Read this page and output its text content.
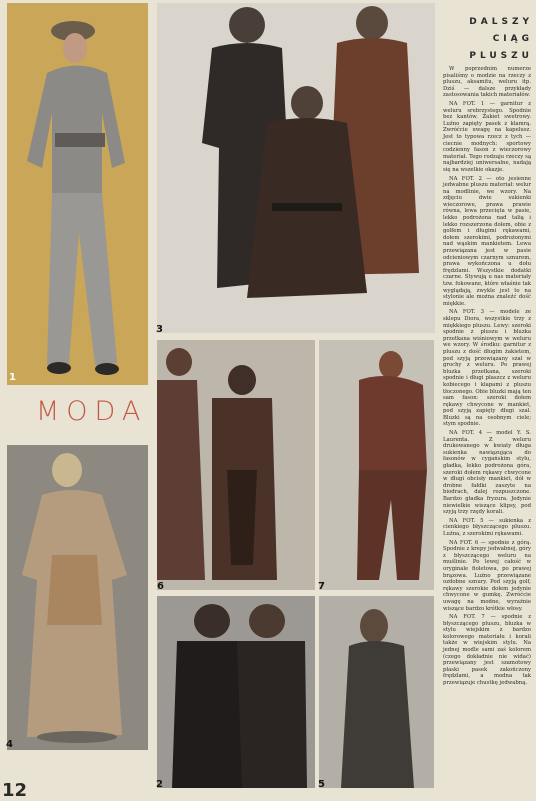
1
3
DALSZY
CIĄG
PLUSZU

W poprzednim numerze pisaliśmy o modzie na rzeczy z pluszu, aksamitu, weluru itp. Dziś — dalsze przykłady zastosowania takich materiałów.

NA FOT. 1 — garnitur z weluru srebrzystego. Spodnie bez kantów. Żakiet swetrowy. Luźno zapięty pasek z klamrą. Zwróćcie uwagę na kapelusz. Jest to typowa rzecz z tych — ciecnie modnych: sportowy codzienny fason z wieczorowy materiał. Tego rodzaju rzeczy są najbardziej uniwersalne, nadają się na wszelkie okazje.

NA FOT. 2 — oto jesienne jedwabne pluszu materiał: welur na modlinie, we wzory. Na zdjęciu dwie sukienki wieczorowe, prawa prawie równa, lewa przecięta w pasie, lekko podrożona nad talią i lekko rozszerzona dołem, obie z golfem i długimi rękawami, dołem szerokimi, podrożonymi nad wąskim mankietem. Lewa przewiązana jest w pasie odcieniowym czarnym sznurem, prawa wykończona u dołu frędzlami. Wszystkie dodatki czarne. Stywują u nas materiały tzw. fokowane, które właśnie tak wyglądają, zwykle jest to na stylonie ale można znaleźć dość miękkie.

NA FOT. 3 — modele ze sklepu Diora, wszystkie trzy z miękkiego pluszu. Lewy: szeroki spodnie z pluszu i bluzka przetkana wiśniowym w weluru we wzory. W środku: garnitur z pluszu z dość długim żakietem, pod szyją przewiązany szal w grochy z weluru. Po prawej bluzka przetkana, szeroki spodnie i długi płaszcz z weluru kobiecego i klapami z pluszu tłoczonego. Obie bluzki mają ten sam fason: szeroki dołem rękawy chwycone w mankiet, pod szyją zapięty długi szal. Bluzki są na osobnym ciele; stym spodnie.

NA FOT. 4 — model Y. S. Laurenta. Z weluru drukowanego w kwiaty długa sukienka nawiązująca do fasonów w cygańskim stylu, gładka, lekko podrożona góra, szeroki dołem rękawy chwycone w długi obcisły mankiet, dół w drobne fałdki zaszyte na biodrach, dalej rozpuszczone. Bardzo gładka fryzura. Jedynie niewielkie wiszące klipsy, pod szyją trzy rzędy korali.

NA FOT. 5 — sukienka z cienkiego błyszczącego pluszu. Luźna, z szerokimi rękawami.

NA FOT. 6 — spodnie z górą. Spodnie z krepy jedwabnej, góry z błyszczącego weluru na muślinie. Po lewej całość w oryginale fioletowa, po prawej brązowa. Luźno przewiązane ozdobne sznury. Pod szyją golf, rękawy szerokie dołem jedynie chwycone w gumkę. Zwróćcie uwagę na modne, wyraźnie wiszące bardzo krótkie włosy.

NA FOT. 7 — spodnie z błyszczącego pluszu, bluzka w stylu wiejskim z bardzo kolorowego materiału i korali także w wiejskim stylu. Na jednej modle sami zaś kolorem (czego dokładnie nie widać) przewiązany jest szamotowy płaski pasek zakończony frędzlami, a modna tak przewiązuje chustkę jedwabną.

MODA
6	7
4
2	5
12
